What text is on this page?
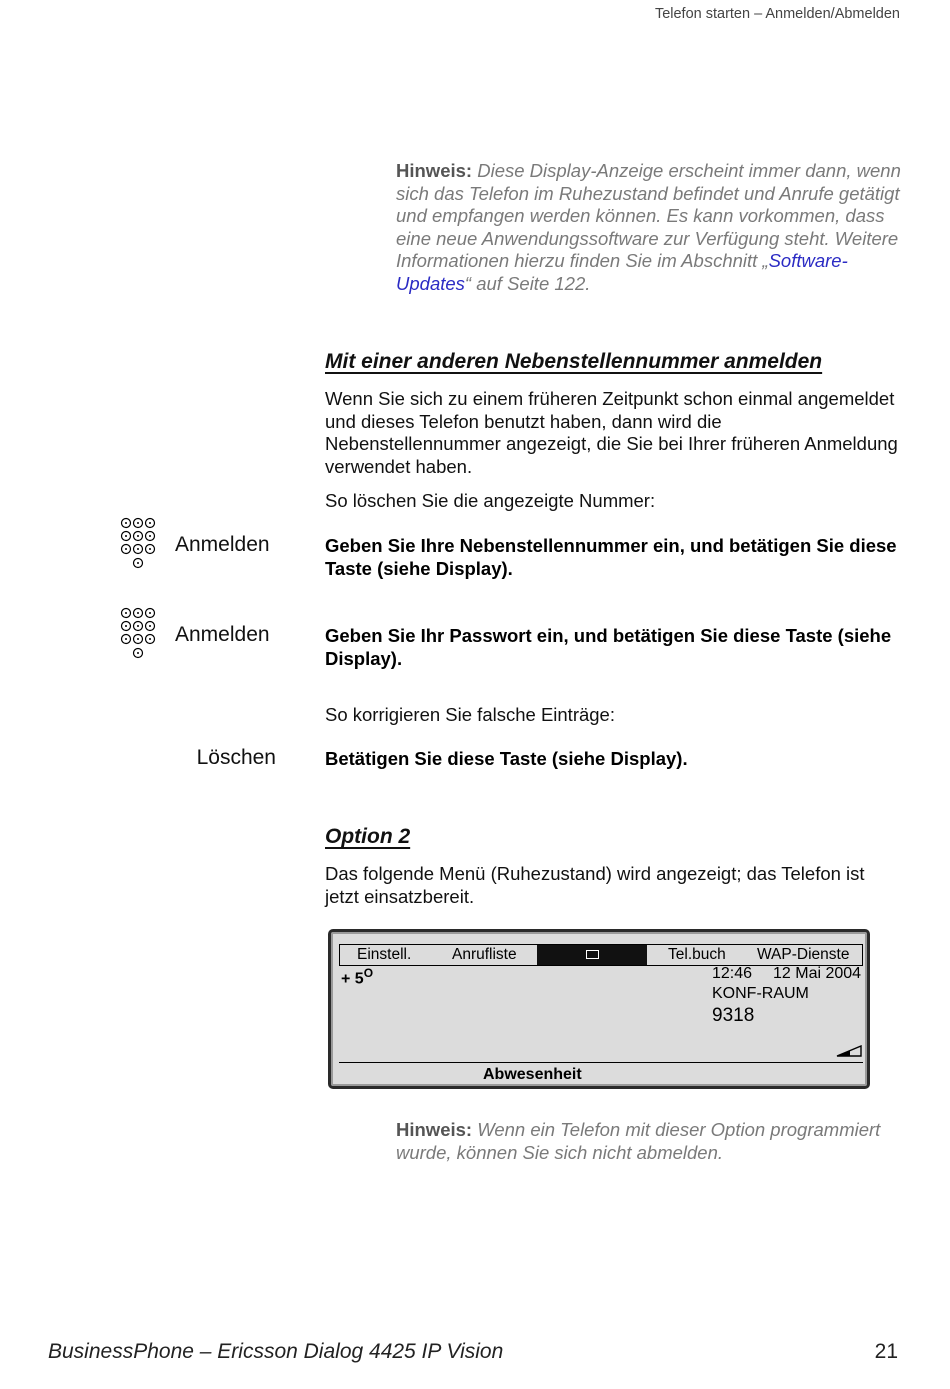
Telefon starten – Anmelden/Abmelden
Hinweis: Diese Display-Anzeige erscheint immer dann, wenn sich das Telefon im Ruhezustand befindet und Anrufe getätigt und empfangen werden können. Es kann vorkommen, dass eine neue Anwendungssoftware zur Verfügung steht. Weitere Informationen hierzu finden Sie im Abschnitt „Software-Updates“ auf Seite 122.
Mit einer anderen Nebenstellennummer anmelden
Wenn Sie sich zu einem früheren Zeitpunkt schon einmal angemeldet und dieses Telefon benutzt haben, dann wird die Nebenstellennummer angezeigt, die Sie bei Ihrer früheren Anmeldung verwendet haben.
So löschen Sie die angezeigte Nummer:
Anmelden	Geben Sie Ihre Nebenstellennummer ein, und betätigen Sie diese Taste (siehe Display).
Anmelden	Geben Sie Ihr Passwort ein, und betätigen Sie diese Taste (siehe Display).
So korrigieren Sie falsche Einträge:
Löschen	Betätigen Sie diese Taste (siehe Display).
Option 2
Das folgende Menü (Ruhezustand) wird angezeigt; das Telefon ist jetzt einsatzbereit.
Einstell.	Anrufliste	Tel.buch WAP-Dienste
+ $5^O$	12:46 12 Mai 2004
KONF-RAUM
9318
Abwesenheit
Hinweis: Wenn ein Telefon mit dieser Option programmiert wurde, können Sie sich nicht abmelden.
BusinessPhone – Ericsson Dialog 4425 IP Vision	21
